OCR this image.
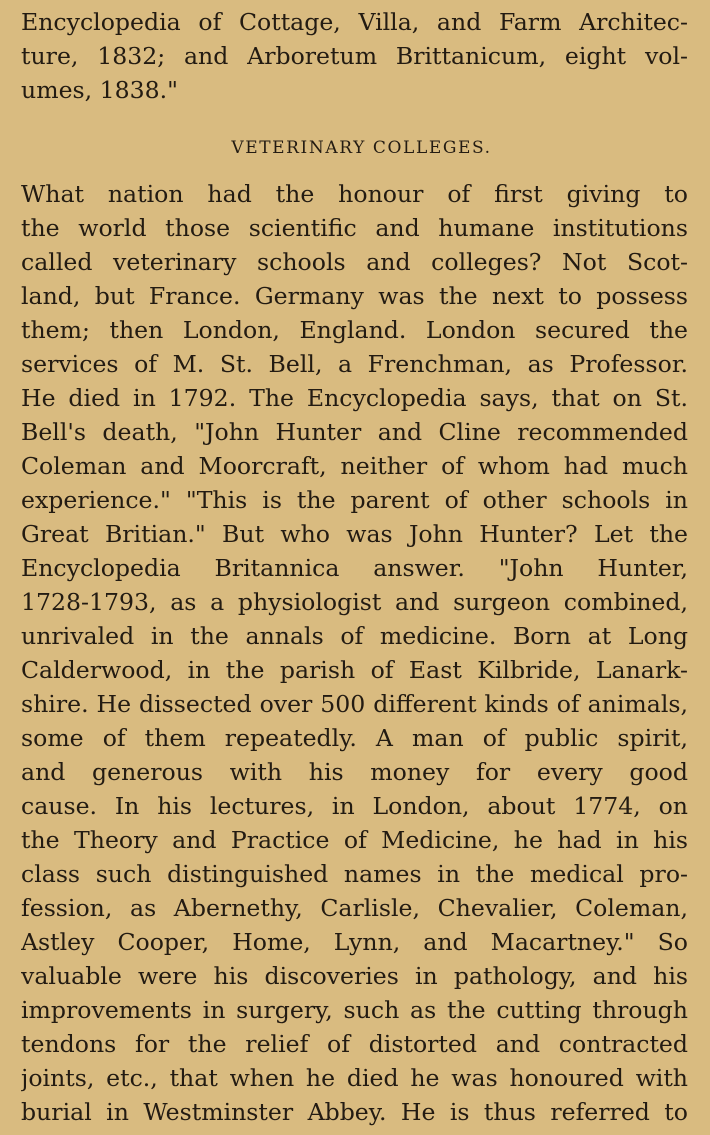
Encyclopedia of Cottage, Villa, and Farm Architec-
ture, 1832; and Arboretum Brittanicum, eight vol-
umes, 1838."
VETERINARY COLLEGES.
What nation had the honour of first giving to
the world those scientific and humane institutions
called veterinary schools and colleges? Not Scot-
land, but France. Germany was the next to possess
them; then London, England. London secured the
services of M. St. Bell, a Frenchman, as Professor.
He died in 1792. The Encyclopedia says, that on St.
Bell's death, "John Hunter and Cline recommended
Coleman and Moorcraft, neither of whom had much
experience." "This is the parent of other schools in
Great Britian." But who was John Hunter? Let the
Encyclopedia Britannica answer. "John Hunter,
1728-1793, as a physiologist and surgeon combined,
unrivaled in the annals of medicine. Born at Long
Calderwood, in the parish of East Kilbride, Lanark-
shire. He dissected over 500 different kinds of animals,
some of them repeatedly. A man of public spirit,
and generous with his money for every good
cause. In his lectures, in London, about 1774, on
the Theory and Practice of Medicine, he had in his
class such distinguished names in the medical pro-
fession, as Abernethy, Carlisle, Chevalier, Coleman,
Astley Cooper, Home, Lynn, and Macartney." So
valuable were his discoveries in pathology, and his
improvements in surgery, such as the cutting through
tendons for the relief of distorted and contracted
joints, etc., that when he died he was honoured with
burial in Westminster Abbey. He is thus referred to
